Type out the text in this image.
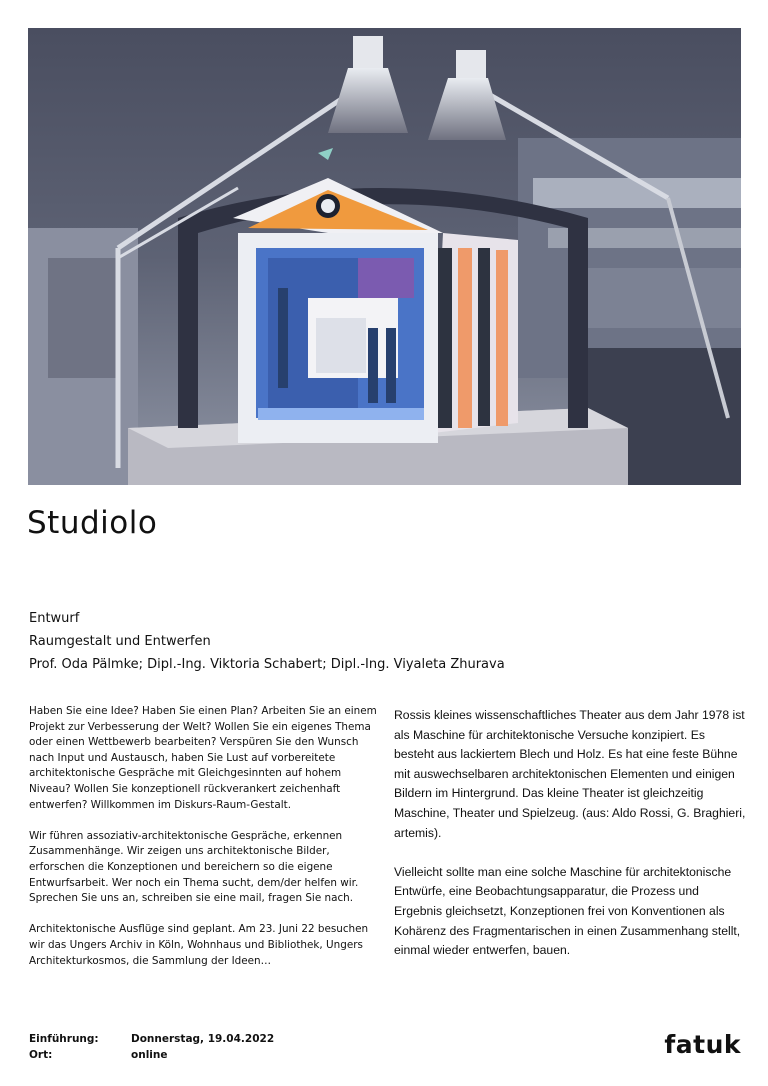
Studiolo
Entwurf
Raumgestalt und Entwerfen
Prof. Oda Pälmke; Dipl.-Ing. Viktoria Schabert; Dipl.-Ing. Viyaleta Zhurava

Haben Sie eine Idee? Haben Sie einen Plan? Arbeiten Sie an einem Projekt zur Verbesserung der Welt? Wollen Sie ein eigenes Thema oder einen Wettbewerb bearbeiten? Verspüren Sie den Wunsch nach Input und Austausch, haben Sie Lust auf vorbereitete architektonische Gespräche mit Gleichgesinnten auf hohem Niveau? Wollen Sie konzeptionell rückverankert zeichenhaft entwerfen? Willkommen im Diskurs-Raum-Gestalt.

Wir führen assoziativ-architektonische Gespräche, erkennen Zusammenhänge. Wir zeigen uns architektonische Bilder, erforschen die Konzeptionen und bereichern so die eigene Entwurfsarbeit. Wer noch ein Thema sucht, dem/der helfen wir. Sprechen Sie uns an, schreiben sie eine mail, fragen Sie nach.

Architektonische Ausflüge sind geplant. Am 23. Juni 22 besuchen wir das Ungers Archiv in Köln, Wohnhaus und Bibliothek, Ungers Architekturkosmos, die Sammlung der Ideen…

Rossis kleines wissenschaftliches Theater aus dem Jahr 1978 ist als Maschine für architektonische Versuche konzipiert. Es besteht aus lackiertem Blech und Holz. Es hat eine feste Bühne mit auswechselbaren architektonischen Elementen und einigen Bildern im Hintergrund. Das kleine Theater ist gleichzeitig Maschine, Theater und Spielzeug. (aus: Aldo Rossi, G. Braghieri, artemis).

Vielleicht sollte man eine solche Maschine für architektonische Entwürfe, eine Beobachtungsapparatur, die Prozess und Ergebnis gleichsetzt, Konzeptionen frei von Konventionen als Kohärenz des Fragmentarischen in einen Zusammenhang stellt, einmal wieder entwerfen, bauen.

Einführung:	Donnerstag, 19.04.2022
Ort:	online	fatuk
